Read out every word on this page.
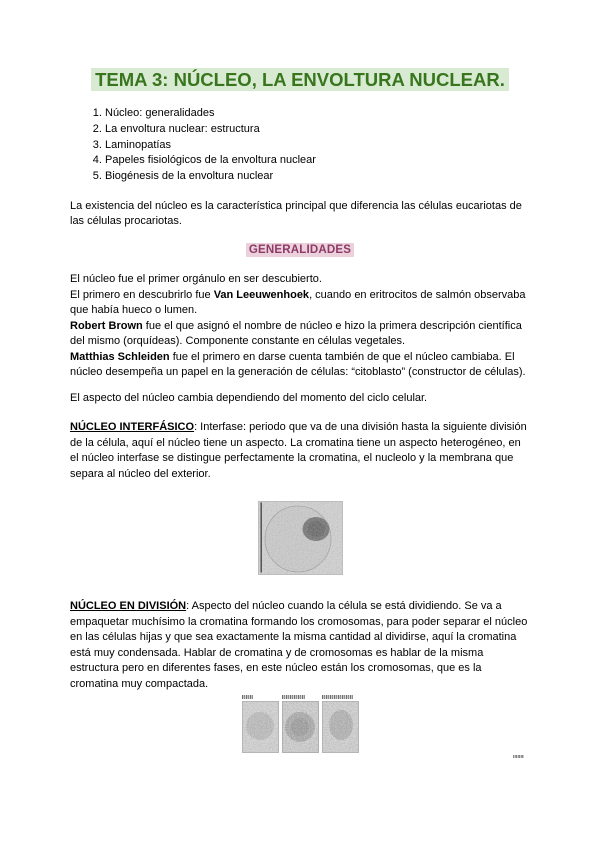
TEMA 3: NÚCLEO, LA ENVOLTURA NUCLEAR.
1. Núcleo: generalidades
2. La envoltura nuclear: estructura
3. Laminopatías
4. Papeles fisiológicos de la envoltura nuclear
5. Biogénesis de la envoltura nuclear

La existencia del núcleo es la característica principal que diferencia las células eucariotas de las células procariotas.

GENERALIDADES

El núcleo fue el primer orgánulo en ser descubierto.
El primero en descubrirlo fue Van Leeuwenhoek, cuando en eritrocitos de salmón observaba que había hueco o lumen.
Robert Brown fue el que asignó el nombre de núcleo e hizo la primera descripción científica del mismo (orquídeas). Componente constante en células vegetales.
Matthias Schleiden fue el primero en darse cuenta también de que el núcleo cambiaba. El núcleo desempeña un papel en la generación de células: “citoblasto” (constructor de células).

El aspecto del núcleo cambia dependiendo del momento del ciclo celular.

NÚCLEO INTERFÁSICO: Interfase: periodo que va de una división hasta la siguiente división de la célula, aquí el núcleo tiene un aspecto. La cromatina tiene un aspecto heterogéneo, en el núcleo interfase se distingue perfectamente la cromatina, el nucleolo y la membrana que separa al núcleo del exterior.

NÚCLEO EN DIVISIÓN: Aspecto del núcleo cuando la célula se está dividiendo. Se va a empaquetar muchísimo la cromatina formando los cromosomas, para poder separar el núcleo en las células hijas y que sea exactamente la misma cantidad al dividirse, aquí la cromatina está muy condensada. Hablar de cromatina y de cromosomas es hablar de la misma estructura pero en diferentes fases, en este núcleo están los cromosomas, que es la cromatina muy compactada.
